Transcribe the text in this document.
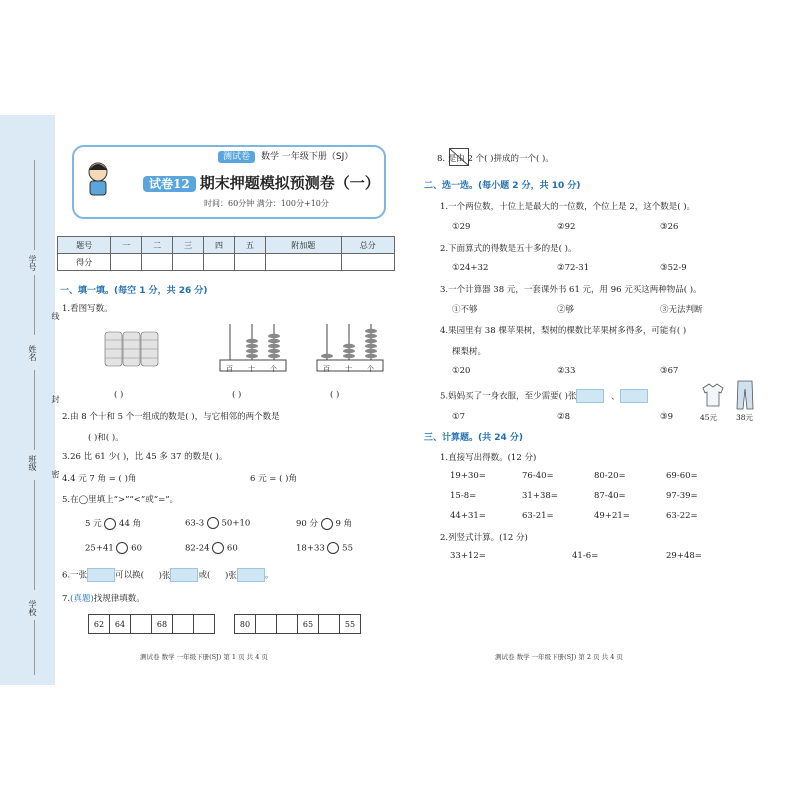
学号
线
姓名
封
班级
密
学校
测试卷 数学 一年级下册（SJ）
试卷12 期末押题模拟预测卷（一）
时间：60分钟 满分：100分+10分
题号	一	二	三	四	五	附加题	总分
得分							
一、填一填。(每空 1 分，共 26 分)
1.看图写数。
百 十 个	百 十 个
( )	( )	( )
2.由 8 个十和 5 个一组成的数是( )，与它相邻的两个数是
( )和( )。
3.26 比 61 少( )，比 45 多 37 的数是( )。
4.4 元 7 角 = ( )角	6 元 = ( )角
5.在◯里填上“>”“<”或“=”。
5 元 44 角	63-3 50+10	90 分 9 角
25+41 60	82-24 60	18+33 55
6.一张	可以换( )张	或( )张	。
7.(真题)找规律填数。
62	64		68			80			65		55
测试卷 数学 一年级下册(SJ) 第 1 页 共 4 页
8. 是由 2 个( )拼成的一个( )。
二、选一选。(每小题 2 分，共 10 分)
1.一个两位数，十位上是最大的一位数，个位上是 2，这个数是( )。
①29	②92	③26
2.下面算式的得数是五十多的是( )。
①24+32	②72-31	③52-9
3.一个计算器 38 元，一套课外书 61 元，用 96 元买这两种物品( )。
①不够	②够	③无法判断
4.果园里有 38 棵苹果树，梨树的棵数比苹果树多得多，可能有( )
棵梨树。
①20	②33	③67
5.妈妈买了一身衣服，至少需要( )张	、
45元	38元
①7	②8	③9
三、计算题。(共 24 分)
1.直接写出得数。(12 分)
19+30=	76-40=	80-20=	69-60=
15-8=	31+38=	87-40=	97-39=
44+31=	63-21=	49+21=	63-22=
2.列竖式计算。(12 分)
33+12=	41-6=	29+48=
测试卷 数学 一年级下册(SJ) 第 2 页 共 4 页
